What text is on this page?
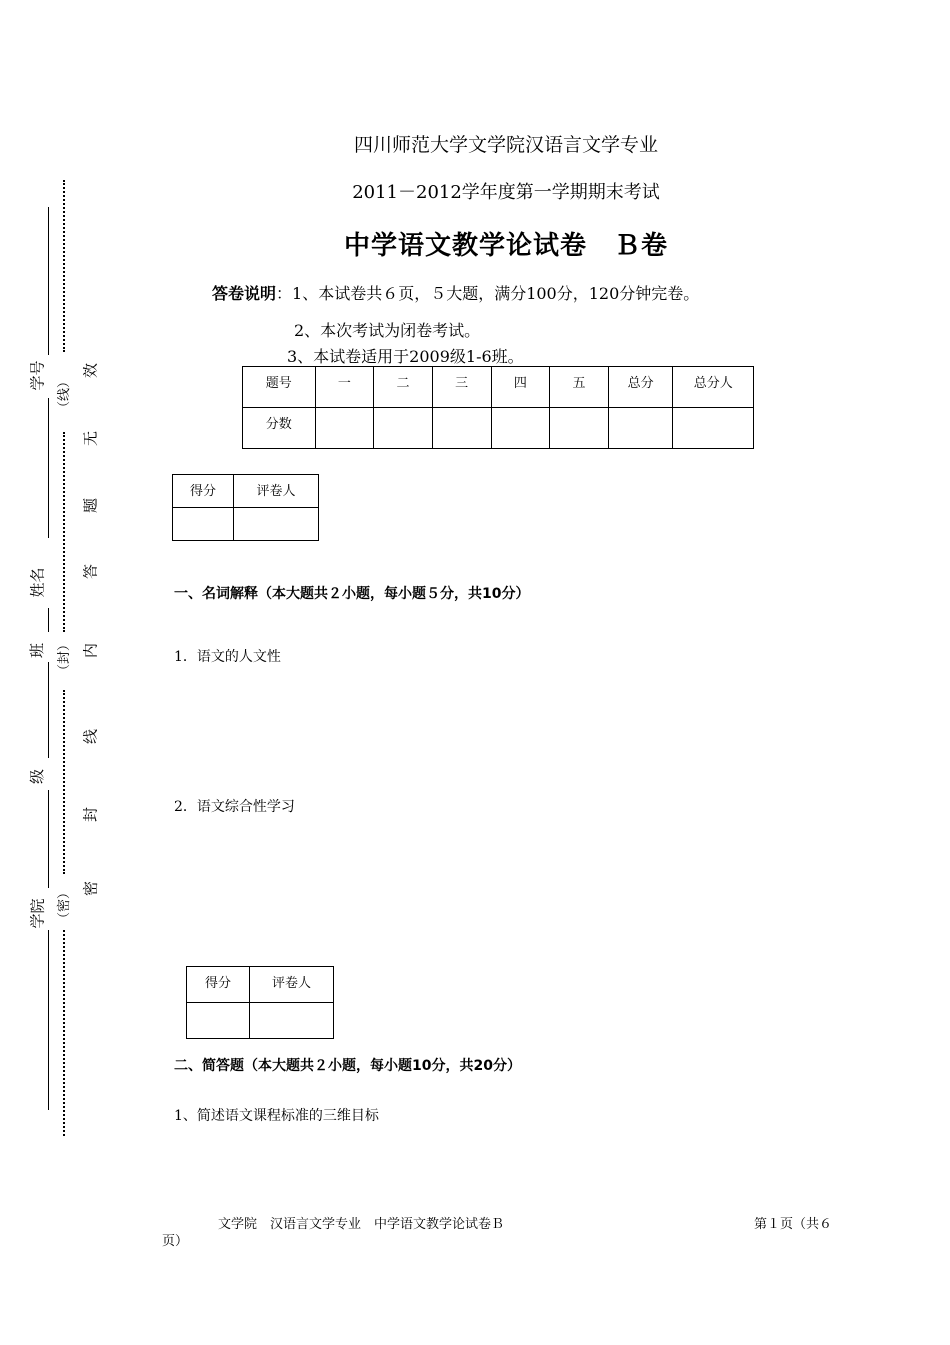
四川师范大学文学院汉语言文学专业
2011－2012学年度第一学期期末考试
中学语文教学论试卷　Ｂ卷
答卷说明：1、本试卷共６页，５大题，满分100分，120分钟完卷。
2、本次考试为闭卷考试。
3、本试卷适用于2009级1-6班。
题号	一	二	三	四	五	总分	总分人

分数							

得分	评卷人

一、名词解释（本大题共２小题，每小题５分，共10分）
1．语文的人文性
2．语文综合性学习
得分	评卷人

二、简答题（本大题共２小题，每小题10分，共20分）
1、简述语文课程标准的三维目标
学号 （线）
姓名
班 （封）
级
学院 （密）
效
无
题
答
内
线
封
密
文学院　汉语言文学专业　中学语文教学论试卷Ｂ	第１页（共６
页）
